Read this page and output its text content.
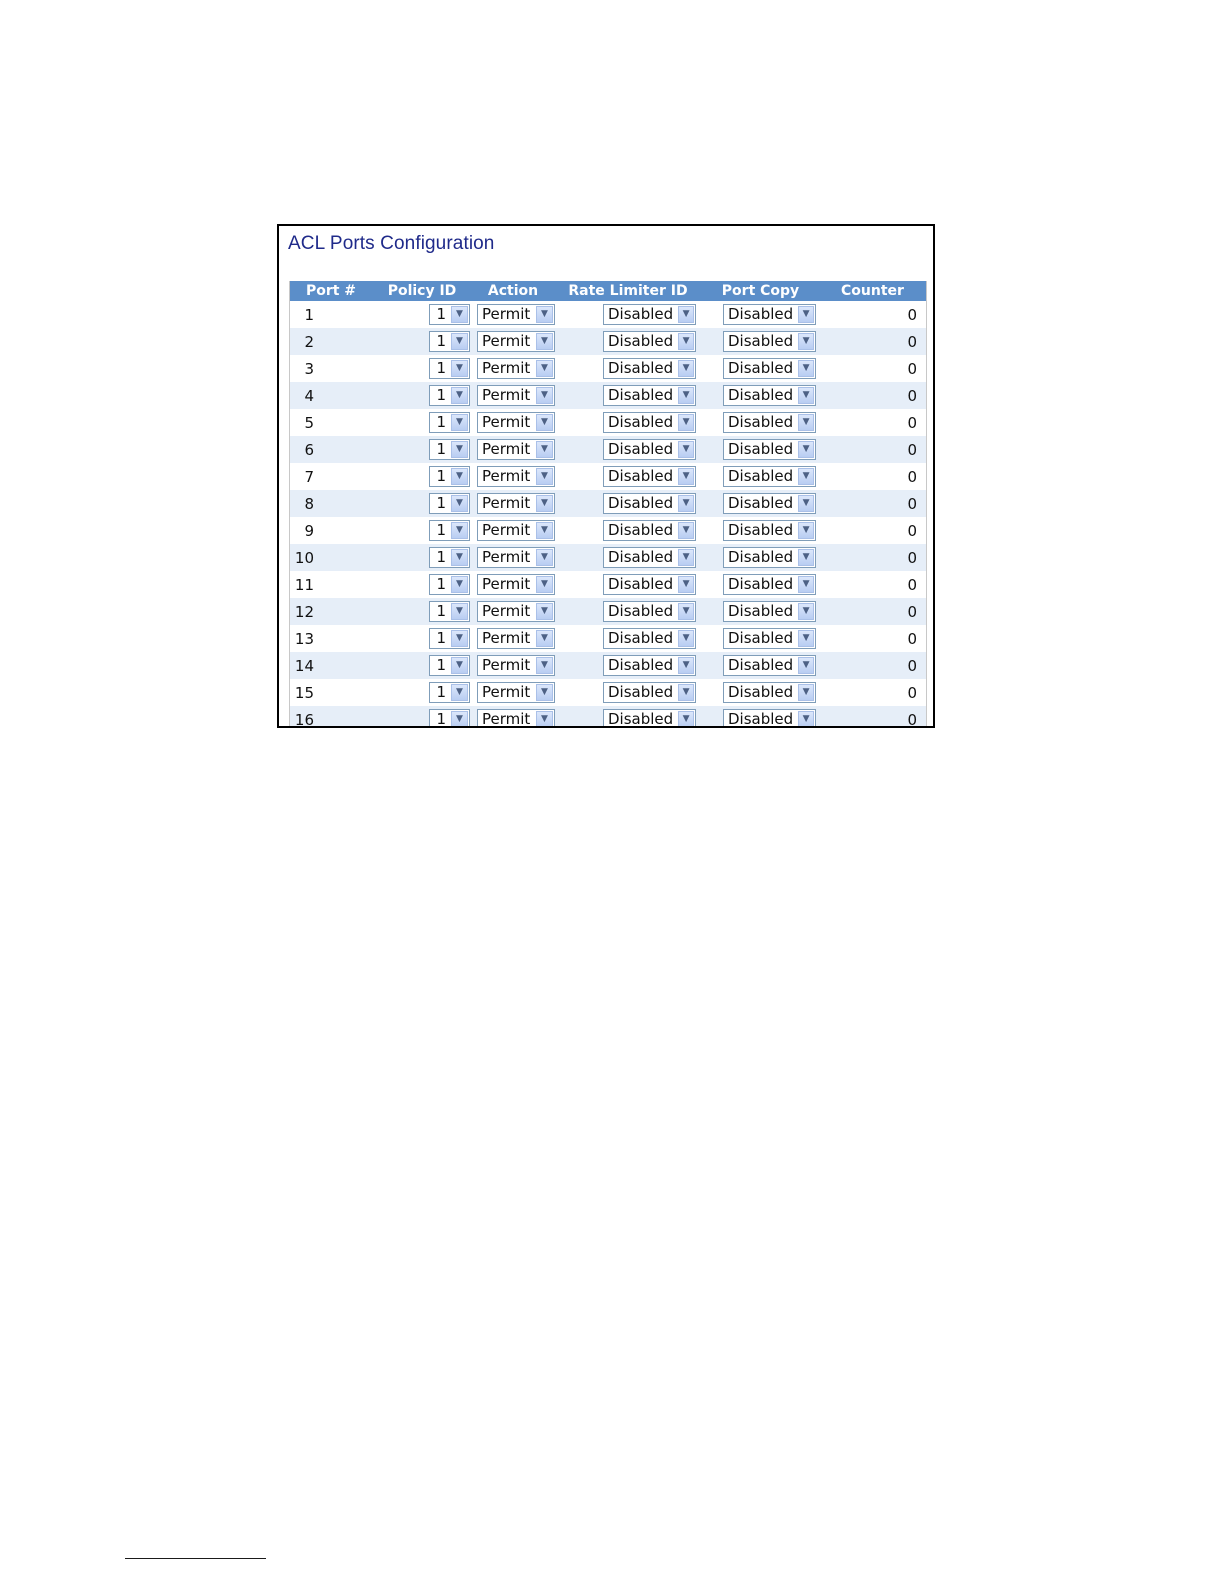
ACL Ports Configuration
Port #	Policy ID	Action	Rate Limiter ID	Port Copy	Counter
1	1 ▼	Permit ▼	Disabled ▼	Disabled ▼	0
2	1 ▼	Permit ▼	Disabled ▼	Disabled ▼	0
3	1 ▼	Permit ▼	Disabled ▼	Disabled ▼	0
4	1 ▼	Permit ▼	Disabled ▼	Disabled ▼	0
5	1 ▼	Permit ▼	Disabled ▼	Disabled ▼	0
6	1 ▼	Permit ▼	Disabled ▼	Disabled ▼	0
7	1 ▼	Permit ▼	Disabled ▼	Disabled ▼	0
8	1 ▼	Permit ▼	Disabled ▼	Disabled ▼	0
9	1 ▼	Permit ▼	Disabled ▼	Disabled ▼	0
10	1 ▼	Permit ▼	Disabled ▼	Disabled ▼	0
11	1 ▼	Permit ▼	Disabled ▼	Disabled ▼	0
12	1 ▼	Permit ▼	Disabled ▼	Disabled ▼	0
13	1 ▼	Permit ▼	Disabled ▼	Disabled ▼	0
14	1 ▼	Permit ▼	Disabled ▼	Disabled ▼	0
15	1 ▼	Permit ▼	Disabled ▼	Disabled ▼	0
16	1 ▼	Permit ▼	Disabled ▼	Disabled ▼	0
